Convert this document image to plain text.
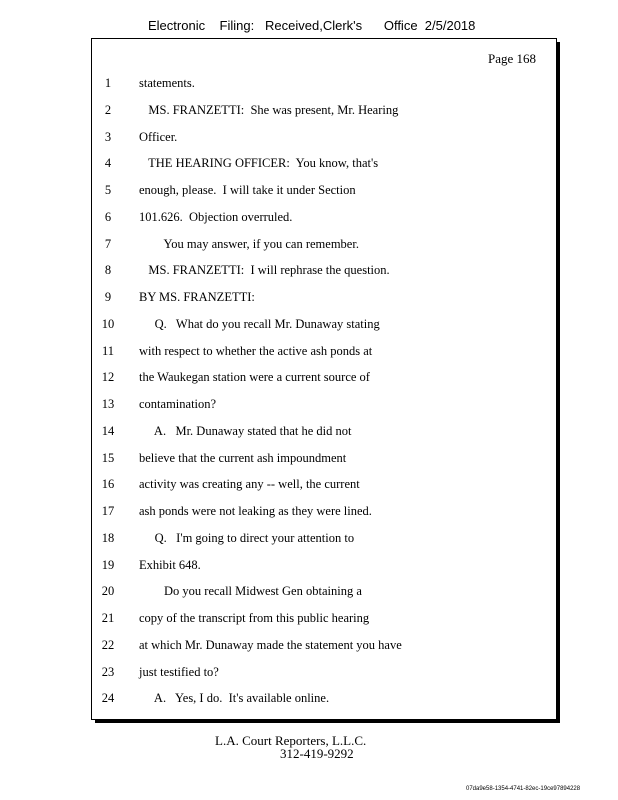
Electronic    Filing:   Received,Clerk's      Office  2/5/2018
Page 168
1	statements.
2	MS. FRANZETTI:  She was present, Mr. Hearing
3	Officer.
4	THE HEARING OFFICER:  You know, that's
5	enough, please.  I will take it under Section
6	101.626.  Objection overruled.
7	You may answer, if you can remember.
8	MS. FRANZETTI:  I will rephrase the question.
9	BY MS. FRANZETTI:
10	Q.   What do you recall Mr. Dunaway stating
11	with respect to whether the active ash ponds at
12	the Waukegan station were a current source of
13	contamination?
14	A.   Mr. Dunaway stated that he did not
15	believe that the current ash impoundment
16	activity was creating any -- well, the current
17	ash ponds were not leaking as they were lined.
18	Q.   I'm going to direct your attention to
19	Exhibit 648.
20	Do you recall Midwest Gen obtaining a
21	copy of the transcript from this public hearing
22	at which Mr. Dunaway made the statement you have
23	just testified to?
24	A.   Yes, I do.  It's available online.
L.A. Court Reporters, L.L.C.
312-419-9292
07da9e58-1354-4741-82ec-19ce97894228
